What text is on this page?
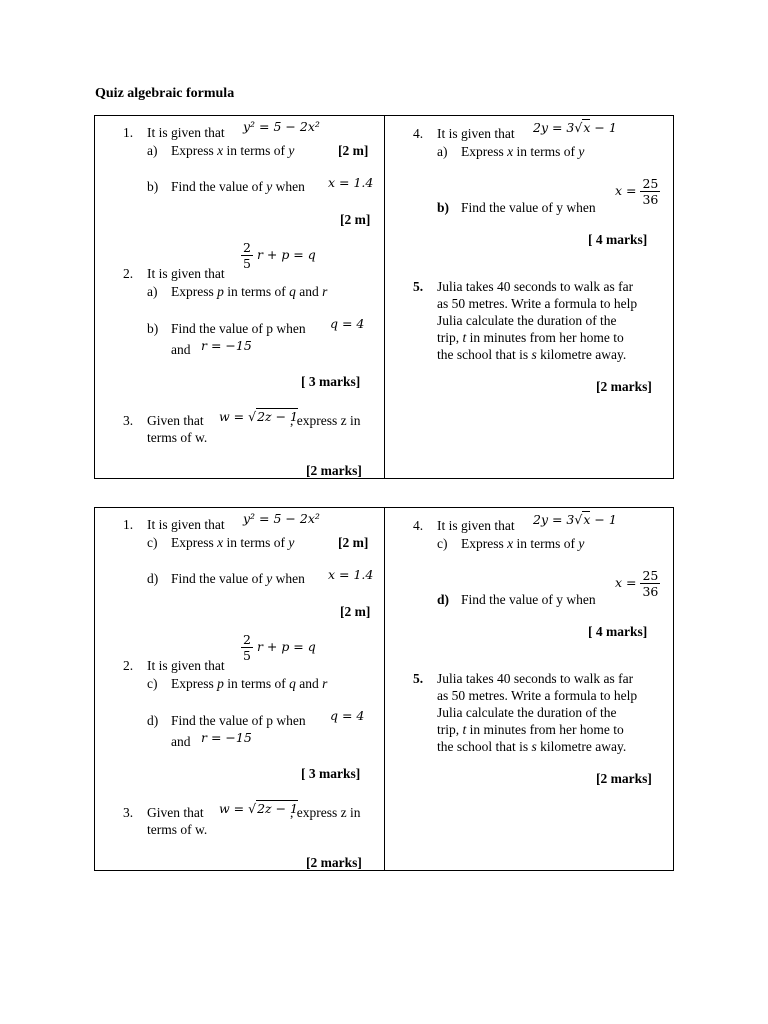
Quiz algebraic formula
1. It is given that y² = 5 − 2x²
a) Express x in terms of y	[2 m]
b) Find the value of y when x = 1.4
[2 m]
$\frac{2}{5}$ r + p = q
2. It is given that
a) Express p in terms of q and r
b) Find the value of p when q = 4
and r = −15
[ 3 marks]
3. Given that w = √2z − 1
, express z in
terms of w.
[2 marks]
4. It is given that 2y = 3√x − 1
a) Express x in terms of y
$x = \frac{25}{36}$
b) Find the value of y when
[ 4 marks]
5. Julia takes 40 seconds to walk as far
as 50 metres. Write a formula to help
Julia calculate the duration of the
trip, t in minutes from her home to
the school that is s kilometre away.
[2 marks]
1. It is given that y² = 5 − 2x²
c) Express x in terms of y	[2 m]
d) Find the value of y when x = 1.4
[2 m]
$\frac{2}{5}$ r + p = q
2. It is given that
c) Express p in terms of q and r
d) Find the value of p when q = 4
and r = −15
[ 3 marks]
3. Given that w = √2z − 1
, express z in
terms of w.
[2 marks]
4. It is given that 2y = 3√x − 1
c) Express x in terms of y
$x = \frac{25}{36}$
d) Find the value of y when
[ 4 marks]
5. Julia takes 40 seconds to walk as far
as 50 metres. Write a formula to help
Julia calculate the duration of the
trip, t in minutes from her home to
the school that is s kilometre away.
[2 marks]
